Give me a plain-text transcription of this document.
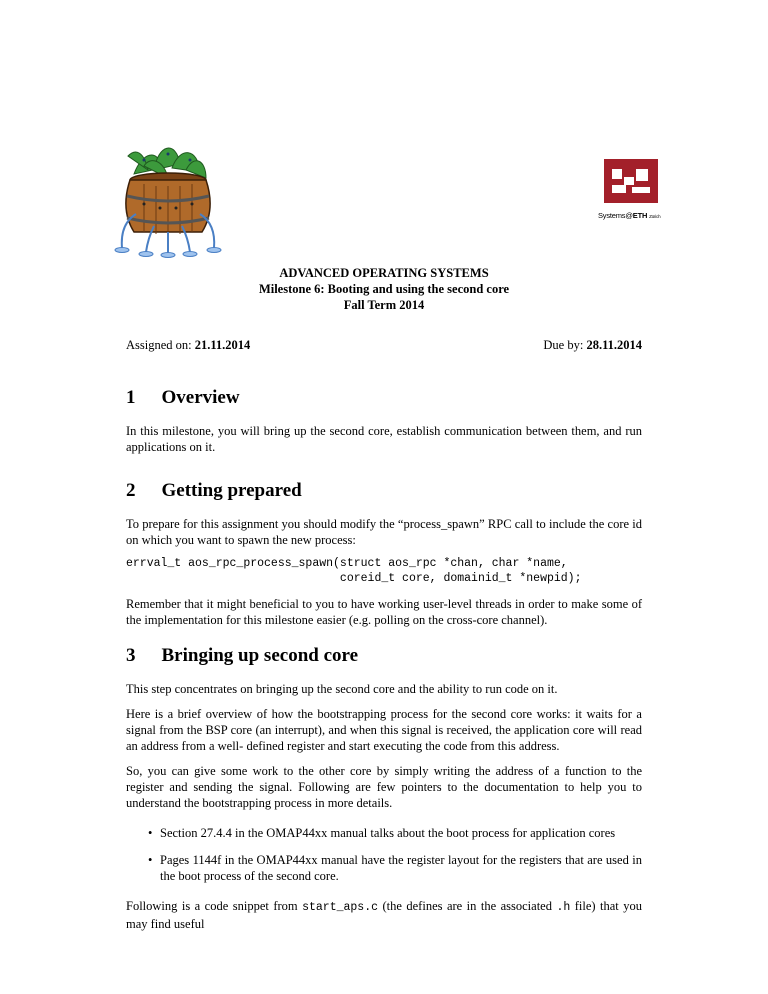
Systems@ETH Zürich
ADVANCED OPERATING SYSTEMS
Milestone 6: Booting and using the second core
Fall Term 2014
Assigned on: 21.11.2014	Due by: 28.11.2014
1 Overview

In this milestone, you will bring up the second core, establish communication between them, and run applications on it.

2 Getting prepared

To prepare for this assignment you should modify the “process_spawn” RPC call to include the core id on which you want to spawn the new process:

errval_t aos_rpc_process_spawn(struct aos_rpc *chan, char *name,
coreid_t core, domainid_t *newpid);

Remember that it might beneficial to you to have working user-level threads in order to make some of the implementation for this milestone easier (e.g. polling on the cross-core channel).

3 Bringing up second core

This step concentrates on bringing up the second core and the ability to run code on it.

Here is a brief overview of how the bootstrapping process for the second core works: it waits for a signal from the BSP core (an interrupt), and when this signal is received, the application core will read an address from a well- defined register and start executing the code from this address.

So, you can give some work to the other core by simply writing the address of a function to the register and sending the signal. Following are few pointers to the documentation to help you to understand the bootstrapping process in more details.

• Section 27.4.4 in the OMAP44xx manual talks about the boot process for application cores
• Pages 1144f in the OMAP44xx manual have the register layout for the registers that are used in the boot process of the second core.

Following is a code snippet from start_aps.c (the defines are in the associated .h file) that you may find useful
